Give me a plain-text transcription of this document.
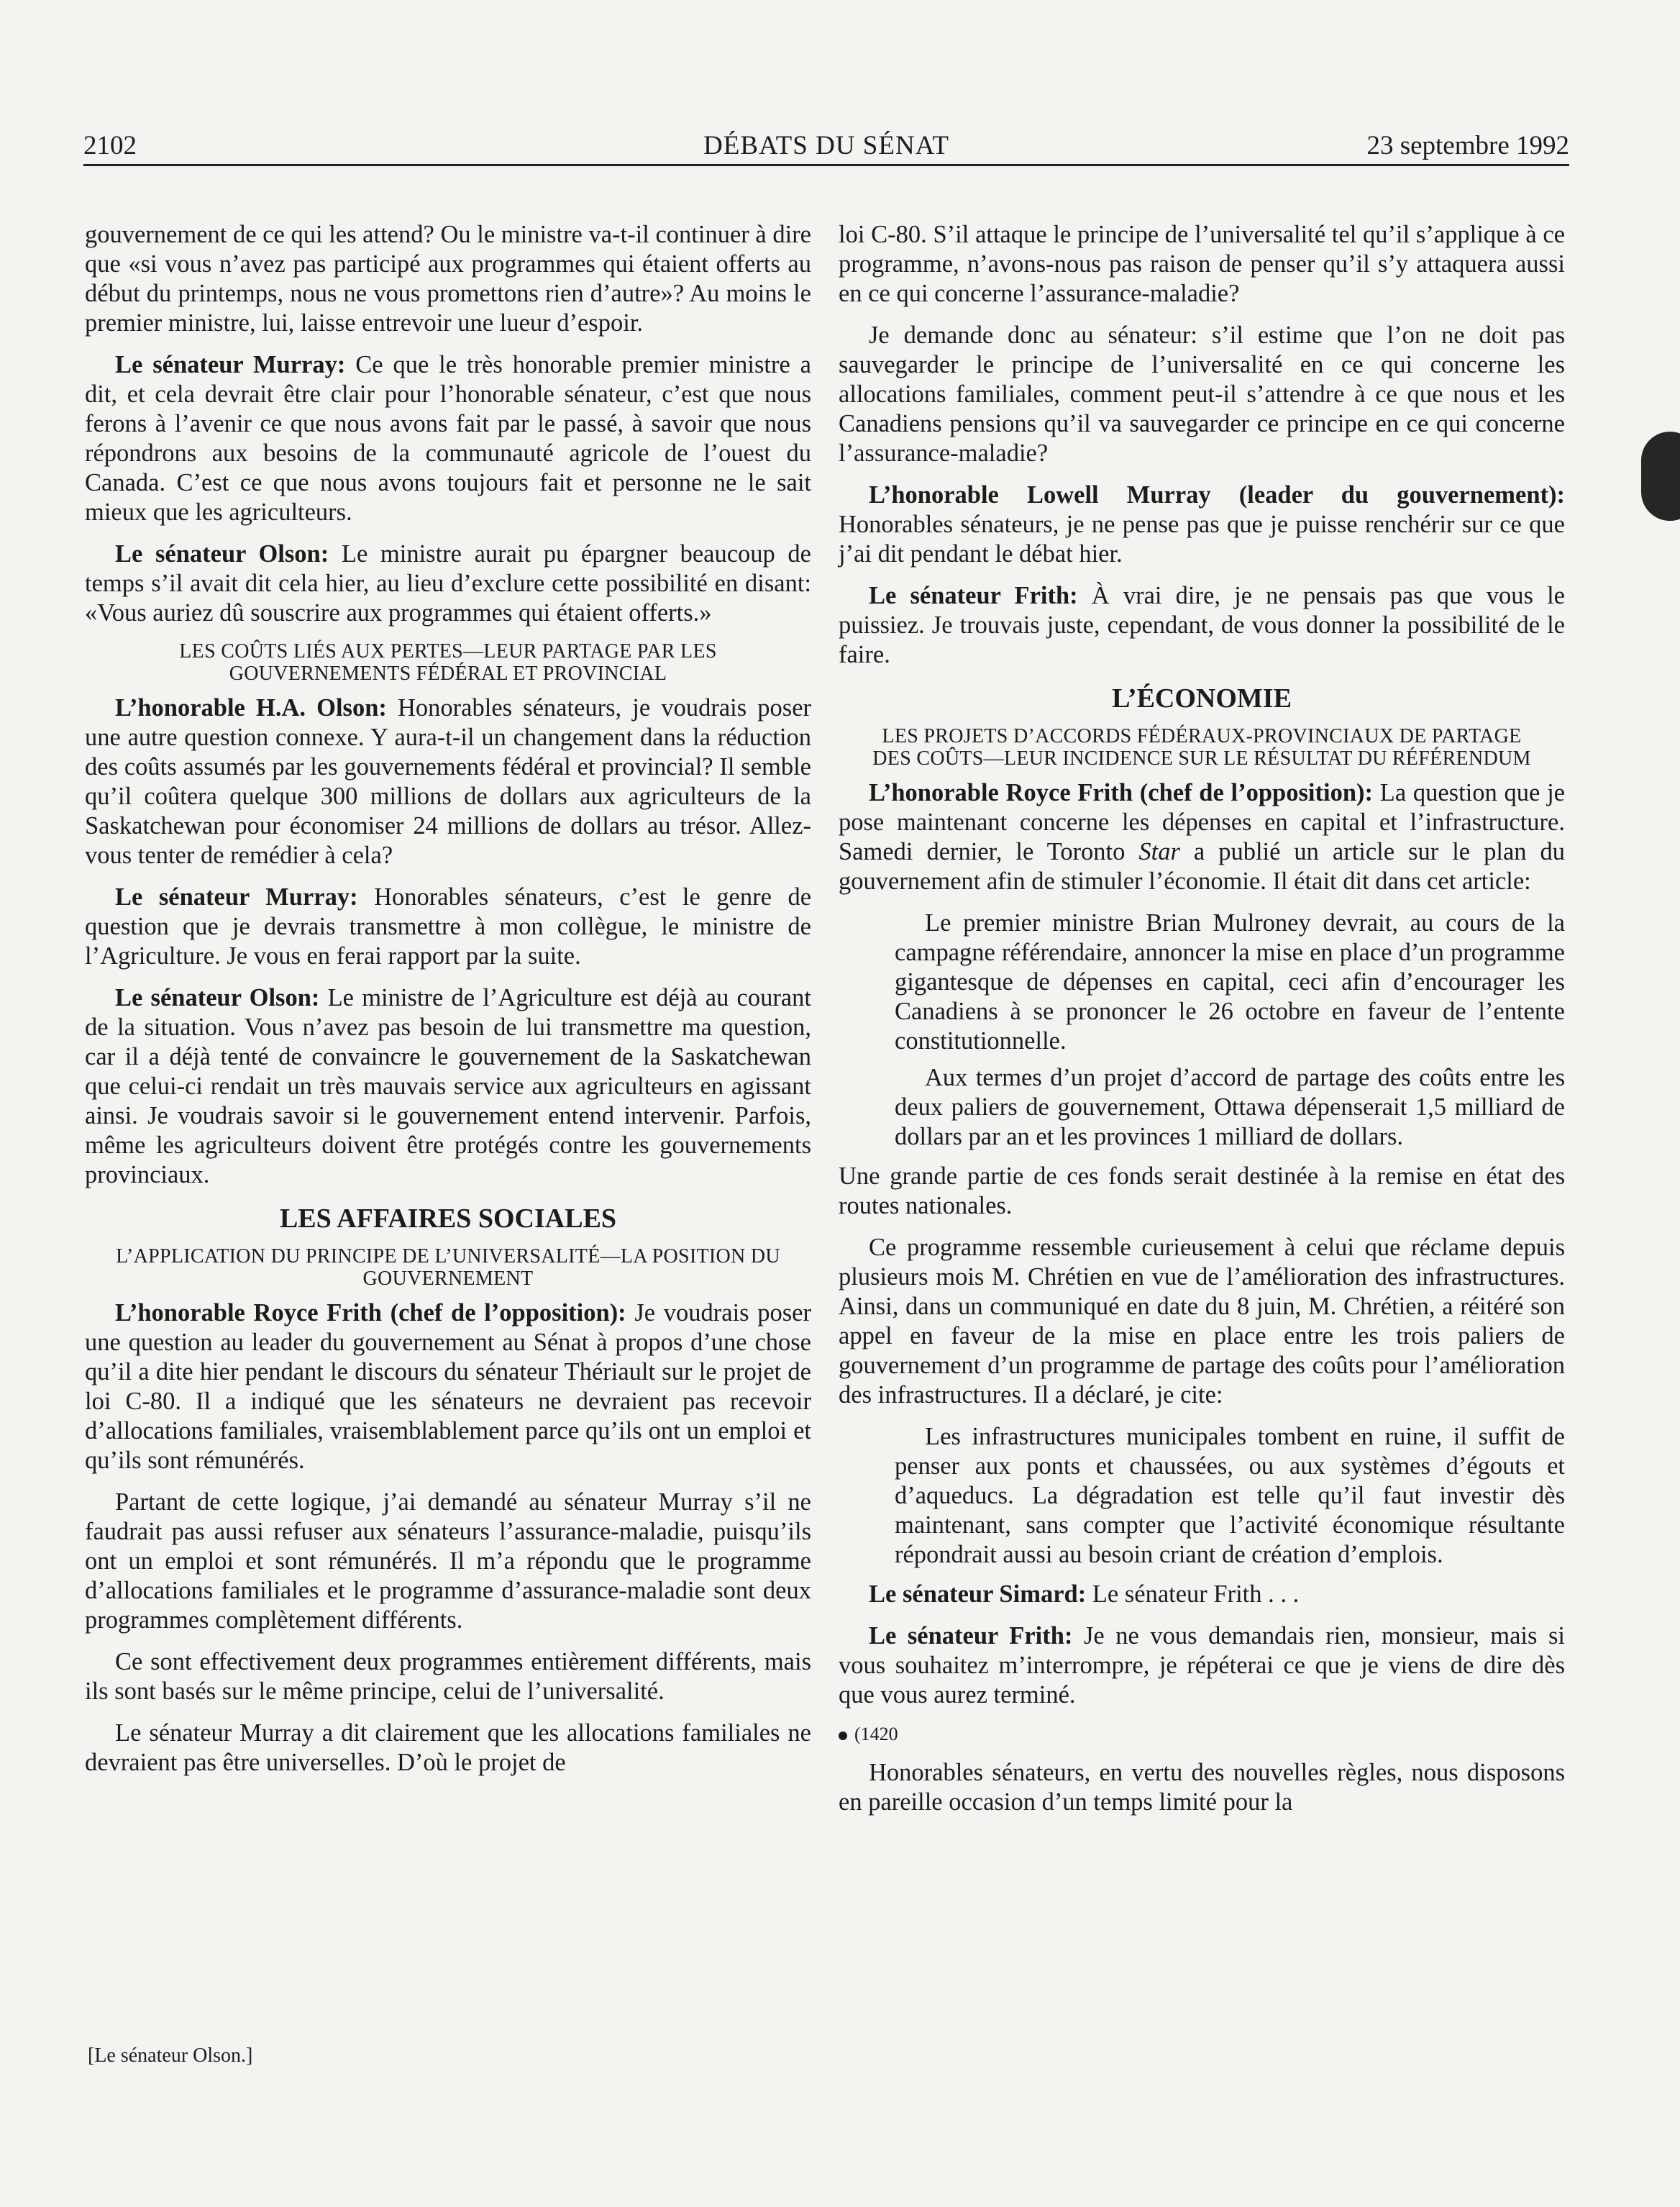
2102	DÉBATS DU SÉNAT	23 septembre 1992

gouvernement de ce qui les attend? Ou le ministre va-t-il continuer à dire que «si vous n’avez pas participé aux programmes qui étaient offerts au début du printemps, nous ne vous promettons rien d’autre»? Au moins le premier ministre, lui, laisse entrevoir une lueur d’espoir.

Le sénateur Murray: Ce que le très honorable premier ministre a dit, et cela devrait être clair pour l’honorable sénateur, c’est que nous ferons à l’avenir ce que nous avons fait par le passé, à savoir que nous répondrons aux besoins de la communauté agricole de l’ouest du Canada. C’est ce que nous avons toujours fait et personne ne le sait mieux que les agriculteurs.

Le sénateur Olson: Le ministre aurait pu épargner beaucoup de temps s’il avait dit cela hier, au lieu d’exclure cette possibilité en disant: «Vous auriez dû souscrire aux programmes qui étaient offerts.»

LES COÛTS LIÉS AUX PERTES—LEUR PARTAGE PAR LES GOUVERNEMENTS FÉDÉRAL ET PROVINCIAL

L’honorable H.A. Olson: Honorables sénateurs, je voudrais poser une autre question connexe. Y aura-t-il un changement dans la réduction des coûts assumés par les gouvernements fédéral et provincial? Il semble qu’il coûtera quelque 300 millions de dollars aux agriculteurs de la Saskatchewan pour économiser 24 millions de dollars au trésor. Allez-vous tenter de remédier à cela?

Le sénateur Murray: Honorables sénateurs, c’est le genre de question que je devrais transmettre à mon collègue, le ministre de l’Agriculture. Je vous en ferai rapport par la suite.

Le sénateur Olson: Le ministre de l’Agriculture est déjà au courant de la situation. Vous n’avez pas besoin de lui transmettre ma question, car il a déjà tenté de convaincre le gouvernement de la Saskatchewan que celui-ci rendait un très mauvais service aux agriculteurs en agissant ainsi. Je voudrais savoir si le gouvernement entend intervenir. Parfois, même les agriculteurs doivent être protégés contre les gouvernements provinciaux.

LES AFFAIRES SOCIALES
L’APPLICATION DU PRINCIPE DE L’UNIVERSALITÉ—LA POSITION DU GOUVERNEMENT

L’honorable Royce Frith (chef de l’opposition): Je voudrais poser une question au leader du gouvernement au Sénat à propos d’une chose qu’il a dite hier pendant le discours du sénateur Thériault sur le projet de loi C-80. Il a indiqué que les sénateurs ne devraient pas recevoir d’allocations familiales, vraisemblablement parce qu’ils ont un emploi et qu’ils sont rémunérés.

Partant de cette logique, j’ai demandé au sénateur Murray s’il ne faudrait pas aussi refuser aux sénateurs l’assurance-maladie, puisqu’ils ont un emploi et sont rémunérés. Il m’a répondu que le programme d’allocations familiales et le programme d’assurance-maladie sont deux programmes complètement différents.

Ce sont effectivement deux programmes entièrement différents, mais ils sont basés sur le même principe, celui de l’universalité.

Le sénateur Murray a dit clairement que les allocations familiales ne devraient pas être universelles. D’où le projet de

[Le sénateur Olson.]

loi C-80. S’il attaque le principe de l’universalité tel qu’il s’applique à ce programme, n’avons-nous pas raison de penser qu’il s’y attaquera aussi en ce qui concerne l’assurance-maladie?

Je demande donc au sénateur: s’il estime que l’on ne doit pas sauvegarder le principe de l’universalité en ce qui concerne les allocations familiales, comment peut-il s’attendre à ce que nous et les Canadiens pensions qu’il va sauvegarder ce principe en ce qui concerne l’assurance-maladie?

L’honorable Lowell Murray (leader du gouvernement): Honorables sénateurs, je ne pense pas que je puisse renchérir sur ce que j’ai dit pendant le débat hier.

Le sénateur Frith: À vrai dire, je ne pensais pas que vous le puissiez. Je trouvais juste, cependant, de vous donner la possibilité de le faire.

L’ÉCONOMIE
LES PROJETS D’ACCORDS FÉDÉRAUX-PROVINCIAUX DE PARTAGE DES COÛTS—LEUR INCIDENCE SUR LE RÉSULTAT DU RÉFÉRENDUM

L’honorable Royce Frith (chef de l’opposition): La question que je pose maintenant concerne les dépenses en capital et l’infrastructure. Samedi dernier, le Toronto Star a publié un article sur le plan du gouvernement afin de stimuler l’économie. Il était dit dans cet article:

Le premier ministre Brian Mulroney devrait, au cours de la campagne référendaire, annoncer la mise en place d’un programme gigantesque de dépenses en capital, ceci afin d’encourager les Canadiens à se prononcer le 26 octobre en faveur de l’entente constitutionnelle.

Aux termes d’un projet d’accord de partage des coûts entre les deux paliers de gouvernement, Ottawa dépenserait 1,5 milliard de dollars par an et les provinces 1 milliard de dollars.

Une grande partie de ces fonds serait destinée à la remise en état des routes nationales.

Ce programme ressemble curieusement à celui que réclame depuis plusieurs mois M. Chrétien en vue de l’amélioration des infrastructures. Ainsi, dans un communiqué en date du 8 juin, M. Chrétien, a réitéré son appel en faveur de la mise en place entre les trois paliers de gouvernement d’un programme de partage des coûts pour l’amélioration des infrastructures. Il a déclaré, je cite:

Les infrastructures municipales tombent en ruine, il suffit de penser aux ponts et chaussées, ou aux systèmes d’égouts et d’aqueducs. La dégradation est telle qu’il faut investir dès maintenant, sans compter que l’activité économique résultante répondrait aussi au besoin criant de création d’emplois.

Le sénateur Simard: Le sénateur Frith . . .

Le sénateur Frith: Je ne vous demandais rien, monsieur, mais si vous souhaitez m’interrompre, je répéterai ce que je viens de dire dès que vous aurez terminé.

(1420

Honorables sénateurs, en vertu des nouvelles règles, nous disposons en pareille occasion d’un temps limité pour la
